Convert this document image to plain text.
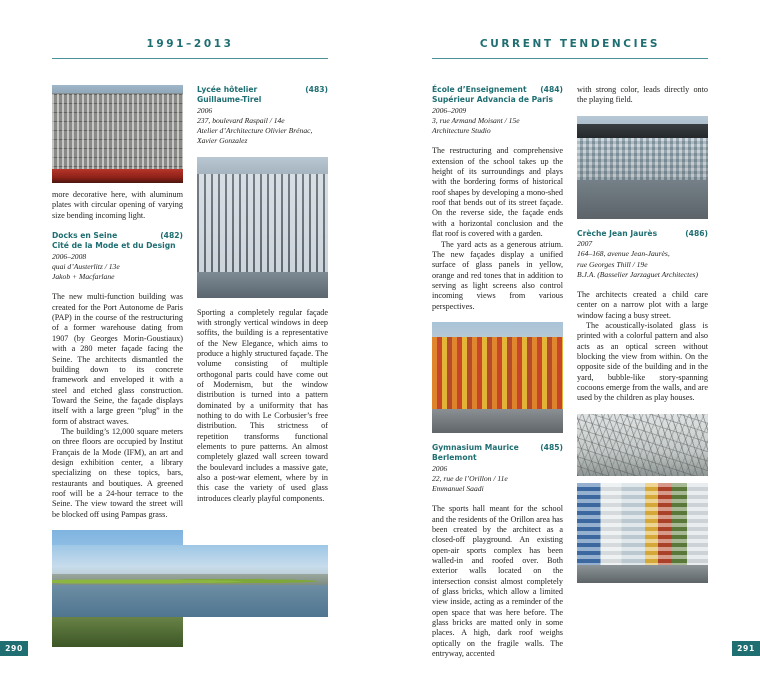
1991–2013

more decorative here, with aluminum plates with circular opening of varying size bending incoming light.

Docks en Seine	(482)
Cité de la Mode et du Design
2006–2008
quai d’Austerlitz / 13e
Jakob + Macfarlane

The new multi-function building was created for the Port Autonome de Paris (PAP) in the course of the restructuring of a former warehouse dating from 1907 (by Georges Morin-Goustiaux) with a 280 meter façade facing the Seine. The architects dismantled the building down to its concrete framework and enveloped it with a steel and etched glass construction. Toward the Seine, the façade displays itself with a large green “plug” in the form of abstract waves.

The building’s 12,000 square meters on three floors are occupied by Institut Français de la Mode (IFM), an art and design exhibition center, a library specializing on these topics, bars, restaurants and boutiques. A greened roof will be a 24-hour terrace to the Seine. The view toward the street will be blocked off using Pampas grass.

Lycée hôtelier Guillaume-Tirel
(483)
2006
237, boulevard Raspail / 14e
Atelier d’Architecture Olivier Brénac,
Xavier Gonzalez

Sporting a completely regular façade with strongly vertical windows in deep soffits, the building is a representative of the New Elegance, which aims to produce a highly structured façade. The volume consisting of multiple orthogonal parts could have come out of Modernism, but the window distribution is turned into a pattern dominated by a uniformity that has nothing to do with Le Corbusier’s free distribution. This strictness of repetition transforms functional elements to pure patterns. An almost completely glazed wall screen toward the boulevard includes a massive gate, also a post-war element, where by in this case the variety of used glass introduces clearly playful components.

290
CURRENT TENDENCIES
École d’Enseignement	(484)
Supérieur Advancia de Paris
2006–2009
3, rue Armand Moisant / 15e
Architecture Studio

The restructuring and comprehensive extension of the school takes up the height of its surroundings and plays with the bordering forms of historical roof shapes by developing a mono-shed roof that bends out of its street façade. On the reverse side, the façade ends with a horizontal conclusion and the flat roof is covered with a garden.

The yard acts as a generous atrium. The new façades display a unified surface of glass panels in yellow, orange and red tones that in addition to serving as light screens also control incoming views from various perspectives.

Gymnasium Maurice	(485)
Berlemont
2006
22, rue de l’Orillon / 11e
Emmanuel Saadi

The sports hall meant for the school and the residents of the Orillon area has been created by the architect as a closed-off playground. An existing open-air sports complex has been walled-in and roofed over. Both exterior walls located on the intersection consist almost completely of glass bricks, which allow a limited view inside, acting as a reminder of the open space that was here before. The glass bricks are matted only in some places. A high, dark roof weighs optically on the fragile walls. The entryway, accented

with strong color, leads directly onto the playing field.

Crèche Jean Jaurès	(486)
2007
164–168, avenue Jean-Jaurès,
rue Georges Thill / 19e
B.J.A. (Basselier Jarzaguet Architectes)

The architects created a child care center on a narrow plot with a large window facing a busy street.

The acoustically-isolated glass is printed with a colorful pattern and also acts as an optical screen without blocking the view from within. On the opposite side of the building and in the yard, bubble-like story-spanning cocoons emerge from the walls, and are used by the children as play houses.

291
